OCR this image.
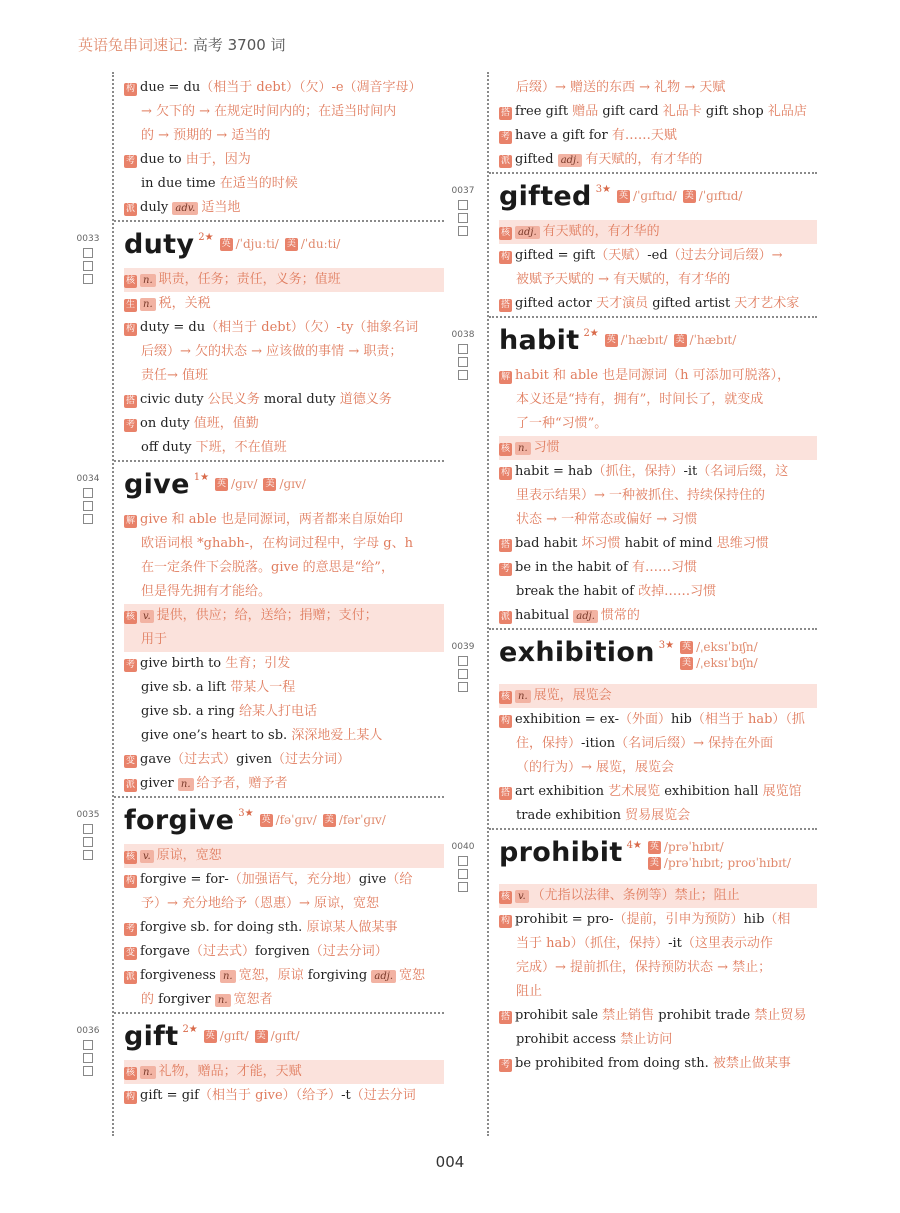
英语兔串词速记: 高考 3700 词
构 due = du（相当于 debt）（欠）-e（凋音字母）
→ 欠下的 → 在规定时间内的；在适当时间内
的 → 预期的 → 适当的
考 due to 由于，因为
in due time 在适当的时候
派 duly adv. 适当地
0033 duty 2★
英 /ˈdjuːti/ 美 /ˈduːti/
核 n. 职责，任务；责任，义务；值班
生 n. 税，关税
构 duty = du（相当于 debt）（欠）-ty（抽象名词
后缀）→ 欠的状态 → 应该做的事情 → 职责；
责任→ 值班
搭 civic duty 公民义务 moral duty 道德义务
考 on duty 值班，值勤
off duty 下班，不在值班
0034 give 1★
英 /ɡɪv/ 美 /ɡɪv/
解 give 和 able 也是同源词，两者都来自原始印
欧语词根 *ghabh-，在构词过程中，字母 g、h
在一定条件下会脱落。give 的意思是“给”，
但是得先拥有才能给。
核 v. 提供，供应；给，送给；捐赠；支付；
用于
考 give birth to 生育；引发
give sb. a lift 带某人一程
give sb. a ring 给某人打电话
give one’s heart to sb. 深深地爱上某人
变 gave（过去式）given（过去分词）
派 giver n. 给予者，赠予者
0035 forgive 3★
英 /fəˈɡɪv/ 美 /fərˈɡɪv/
核 v. 原谅，宽恕
构 forgive = for-（加强语气，充分地）give（给
予）→ 充分地给予（恩惠）→ 原谅，宽恕
考 forgive sb. for doing sth. 原谅某人做某事
变 forgave（过去式）forgiven（过去分词）
派 forgiveness n. 宽恕，原谅 forgiving adj. 宽恕
的 forgiver n. 宽恕者
0036 gift 2★
英 /ɡɪft/ 美 /ɡɪft/
核 n. 礼物，赠品；才能，天赋
构 gift = gif（相当于 give）（给予）-t（过去分词
后缀）→ 赠送的东西 → 礼物 → 天赋
搭 free gift 赠品 gift card 礼品卡 gift shop 礼品店
考 have a gift for 有……天赋
派 gifted adj. 有天赋的，有才华的
0037 gifted 3★
英 /ˈɡɪftɪd/ 美 /ˈɡɪftɪd/
核 adj. 有天赋的，有才华的
构 gifted = gift（天赋）-ed（过去分词后缀）→
被赋予天赋的 → 有天赋的，有才华的
搭 gifted actor 天才演员 gifted artist 天才艺术家
0038 habit 2★
英 /ˈhæbɪt/ 美 /ˈhæbɪt/
解 habit 和 able 也是同源词（h 可添加可脱落），
本义还是“持有，拥有”，时间长了，就变成
了一种“习惯”。
核 n. 习惯
构 habit = hab（抓住，保持）-it（名词后缀，这
里表示结果）→ 一种被抓住、持续保持住的
状态 → 一种常态或偏好 → 习惯
搭 bad habit 坏习惯 habit of mind 思维习惯
考 be in the habit of 有……习惯
break the habit of 改掉……习惯
派 habitual adj. 惯常的
0039 exhibition 3★ 英 /ˌeksɪˈbɪʃn/
美 /ˌeksɪˈbɪʃn/
核 n. 展览，展览会
构 exhibition = ex-（外面）hib（相当于 hab）（抓
住，保持）-ition（名词后缀）→ 保持在外面
（的行为）→ 展览，展览会
搭 art exhibition 艺术展览 exhibition hall 展览馆
trade exhibition 贸易展览会
0040 prohibit 4★ 英 /prəˈhɪbɪt/
美 /prəˈhɪbɪt; proʊˈhɪbɪt/
核 v. （尤指以法律、条例等）禁止；阻止
构 prohibit = pro-（提前，引申为预防）hib（相
当于 hab）（抓住，保持）-it（这里表示动作
完成）→ 提前抓住，保持预防状态 → 禁止；
阻止
搭 prohibit sale 禁止销售 prohibit trade 禁止贸易
prohibit access 禁止访问
考 be prohibited from doing sth. 被禁止做某事
004
